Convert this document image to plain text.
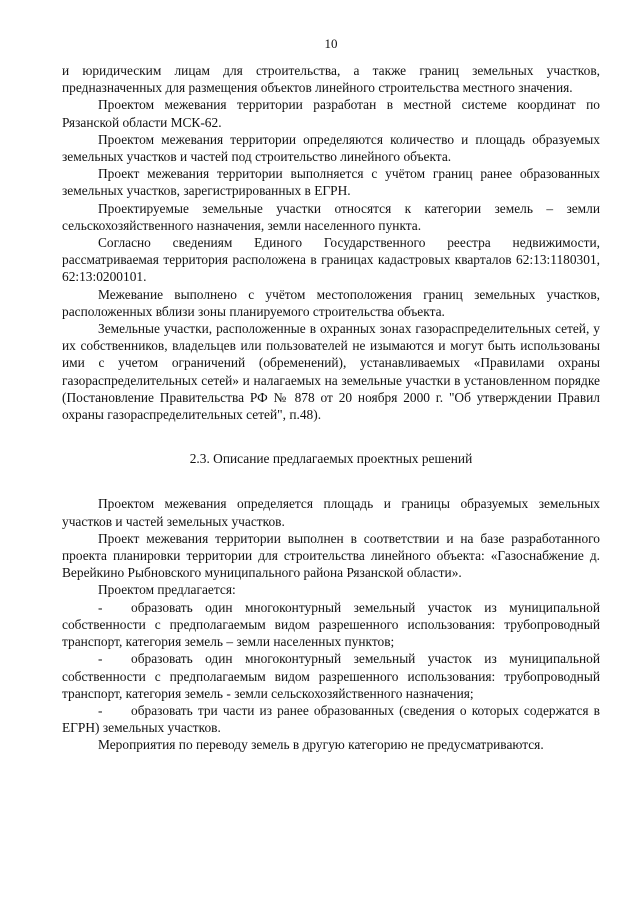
10

и юридическим лицам для строительства, а также границ земельных участков, предназначенных для размещения объектов линейного строительства местного значения.

Проектом межевания территории разработан в местной системе координат по Рязанской области МСК-62.

Проектом межевания территории определяются количество и площадь образуемых земельных участков и частей под строительство линейного объекта.

Проект межевания территории выполняется с учётом границ ранее образованных земельных участков, зарегистрированных в ЕГРН.

Проектируемые земельные участки относятся к категории земель – земли сельскохозяйственного назначения, земли населенного пункта.

Согласно сведениям Единого Государственного реестра недвижимости, рассматриваемая территория расположена в границах кадастровых кварталов 62:13:1180301, 62:13:0200101.

Межевание выполнено с учётом местоположения границ земельных участков, расположенных вблизи зоны планируемого строительства объекта.

Земельные участки, расположенные в охранных зонах газораспределительных сетей, у их собственников, владельцев или пользователей не изымаются и могут быть использованы ими с учетом ограничений (обременений), устанавливаемых «Правилами охраны газораспределительных сетей» и налагаемых на земельные участки в установленном порядке (Постановление Правительства РФ № 878 от 20 ноября 2000 г. "Об утверждении Правил охраны газораспределительных сетей", п.48).

2.3. Описание предлагаемых проектных решений

Проектом межевания определяется площадь и границы образуемых земельных участков и частей земельных участков.

Проект межевания территории выполнен в соответствии и на базе разработанного проекта планировки территории для строительства линейного объекта: «Газоснабжение д. Верейкино Рыбновского муниципального района Рязанской области».

Проектом предлагается:

- образовать один многоконтурный земельный участок из муниципальной собственности с предполагаемым видом разрешенного использования: трубопроводный транспорт, категория земель – земли населенных пунктов;

- образовать один многоконтурный земельный участок из муниципальной собственности с предполагаемым видом разрешенного использования: трубопроводный транспорт, категория земель - земли сельскохозяйственного назначения;

- образовать три части из ранее образованных (сведения о которых содержатся в ЕГРН) земельных участков.

Мероприятия по переводу земель в другую категорию не предусматриваются.
